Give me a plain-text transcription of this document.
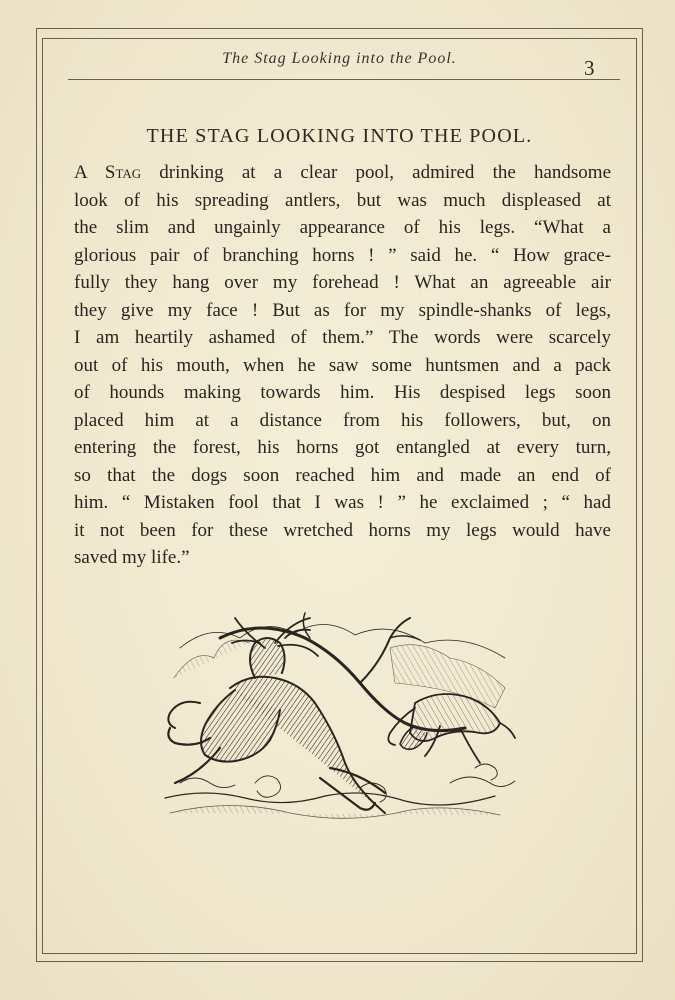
The Stag Looking into the Pool.	3
THE STAG LOOKING INTO THE POOL.
A Stag drinking at a clear pool, admired the handsome
look of his spreading antlers, but was much displeased at
the slim and ungainly appearance of his legs. “What a
glorious pair of branching horns ! ” said he. “ How grace-
fully they hang over my forehead ! What an agreeable air
they give my face ! But as for my spindle-shanks of legs,
I am heartily ashamed of them.” The words were scarcely
out of his mouth, when he saw some huntsmen and a pack
of hounds making towards him. His despised legs soon
placed him at a distance from his followers, but, on
entering the forest, his horns got entangled at every turn,
so that the dogs soon reached him and made an end of
him. “ Mistaken fool that I was ! ” he exclaimed ; “ had
it not been for these wretched horns my legs would have
saved my life.”
